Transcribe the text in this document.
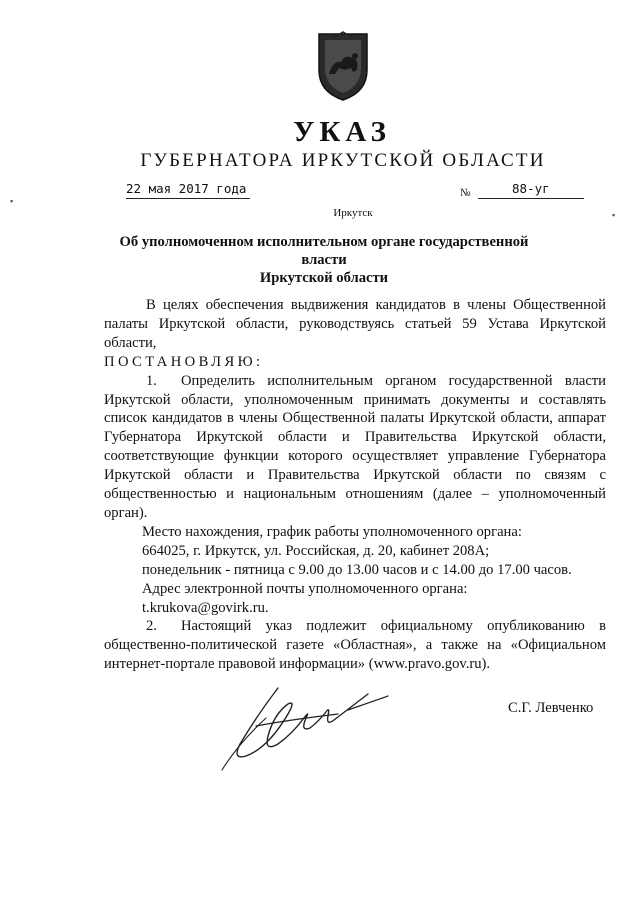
УКАЗ
ГУБЕРНАТОРА ИРКУТСКОЙ ОБЛАСТИ
22 мая 2017 года	№	88-уг
Иркутск
Об уполномоченном исполнительном органе государственной власти
Иркутской области

В целях обеспечения выдвижения кандидатов в члены Общественной палаты Иркутской области, руководствуясь статьей 59 Устава Иркутской области,

ПОСТАНОВЛЯЮ:

1. Определить исполнительным органом государственной власти Иркутской области, уполномоченным принимать документы и составлять список кандидатов в члены Общественной палаты Иркутской области, аппарат Губернатора Иркутской области и Правительства Иркутской области, соответствующие функции которого осуществляет управление Губернатора Иркутской области и Правительства Иркутской области по связям с общественностью и национальным отношениям (далее – уполномоченный орган).

Место нахождения, график работы уполномоченного органа:

664025, г. Иркутск, ул. Российская, д. 20, кабинет 208А;

понедельник - пятница с 9.00 до 13.00 часов и с 14.00 до 17.00 часов.

Адрес электронной почты уполномоченного органа:

t.krukova@govirk.ru.

2. Настоящий указ подлежит официальному опубликованию в общественно-политической газете «Областная», а также на «Официальном интернет-портале правовой информации» (www.pravo.gov.ru).

С.Г. Левченко
▪
▪
